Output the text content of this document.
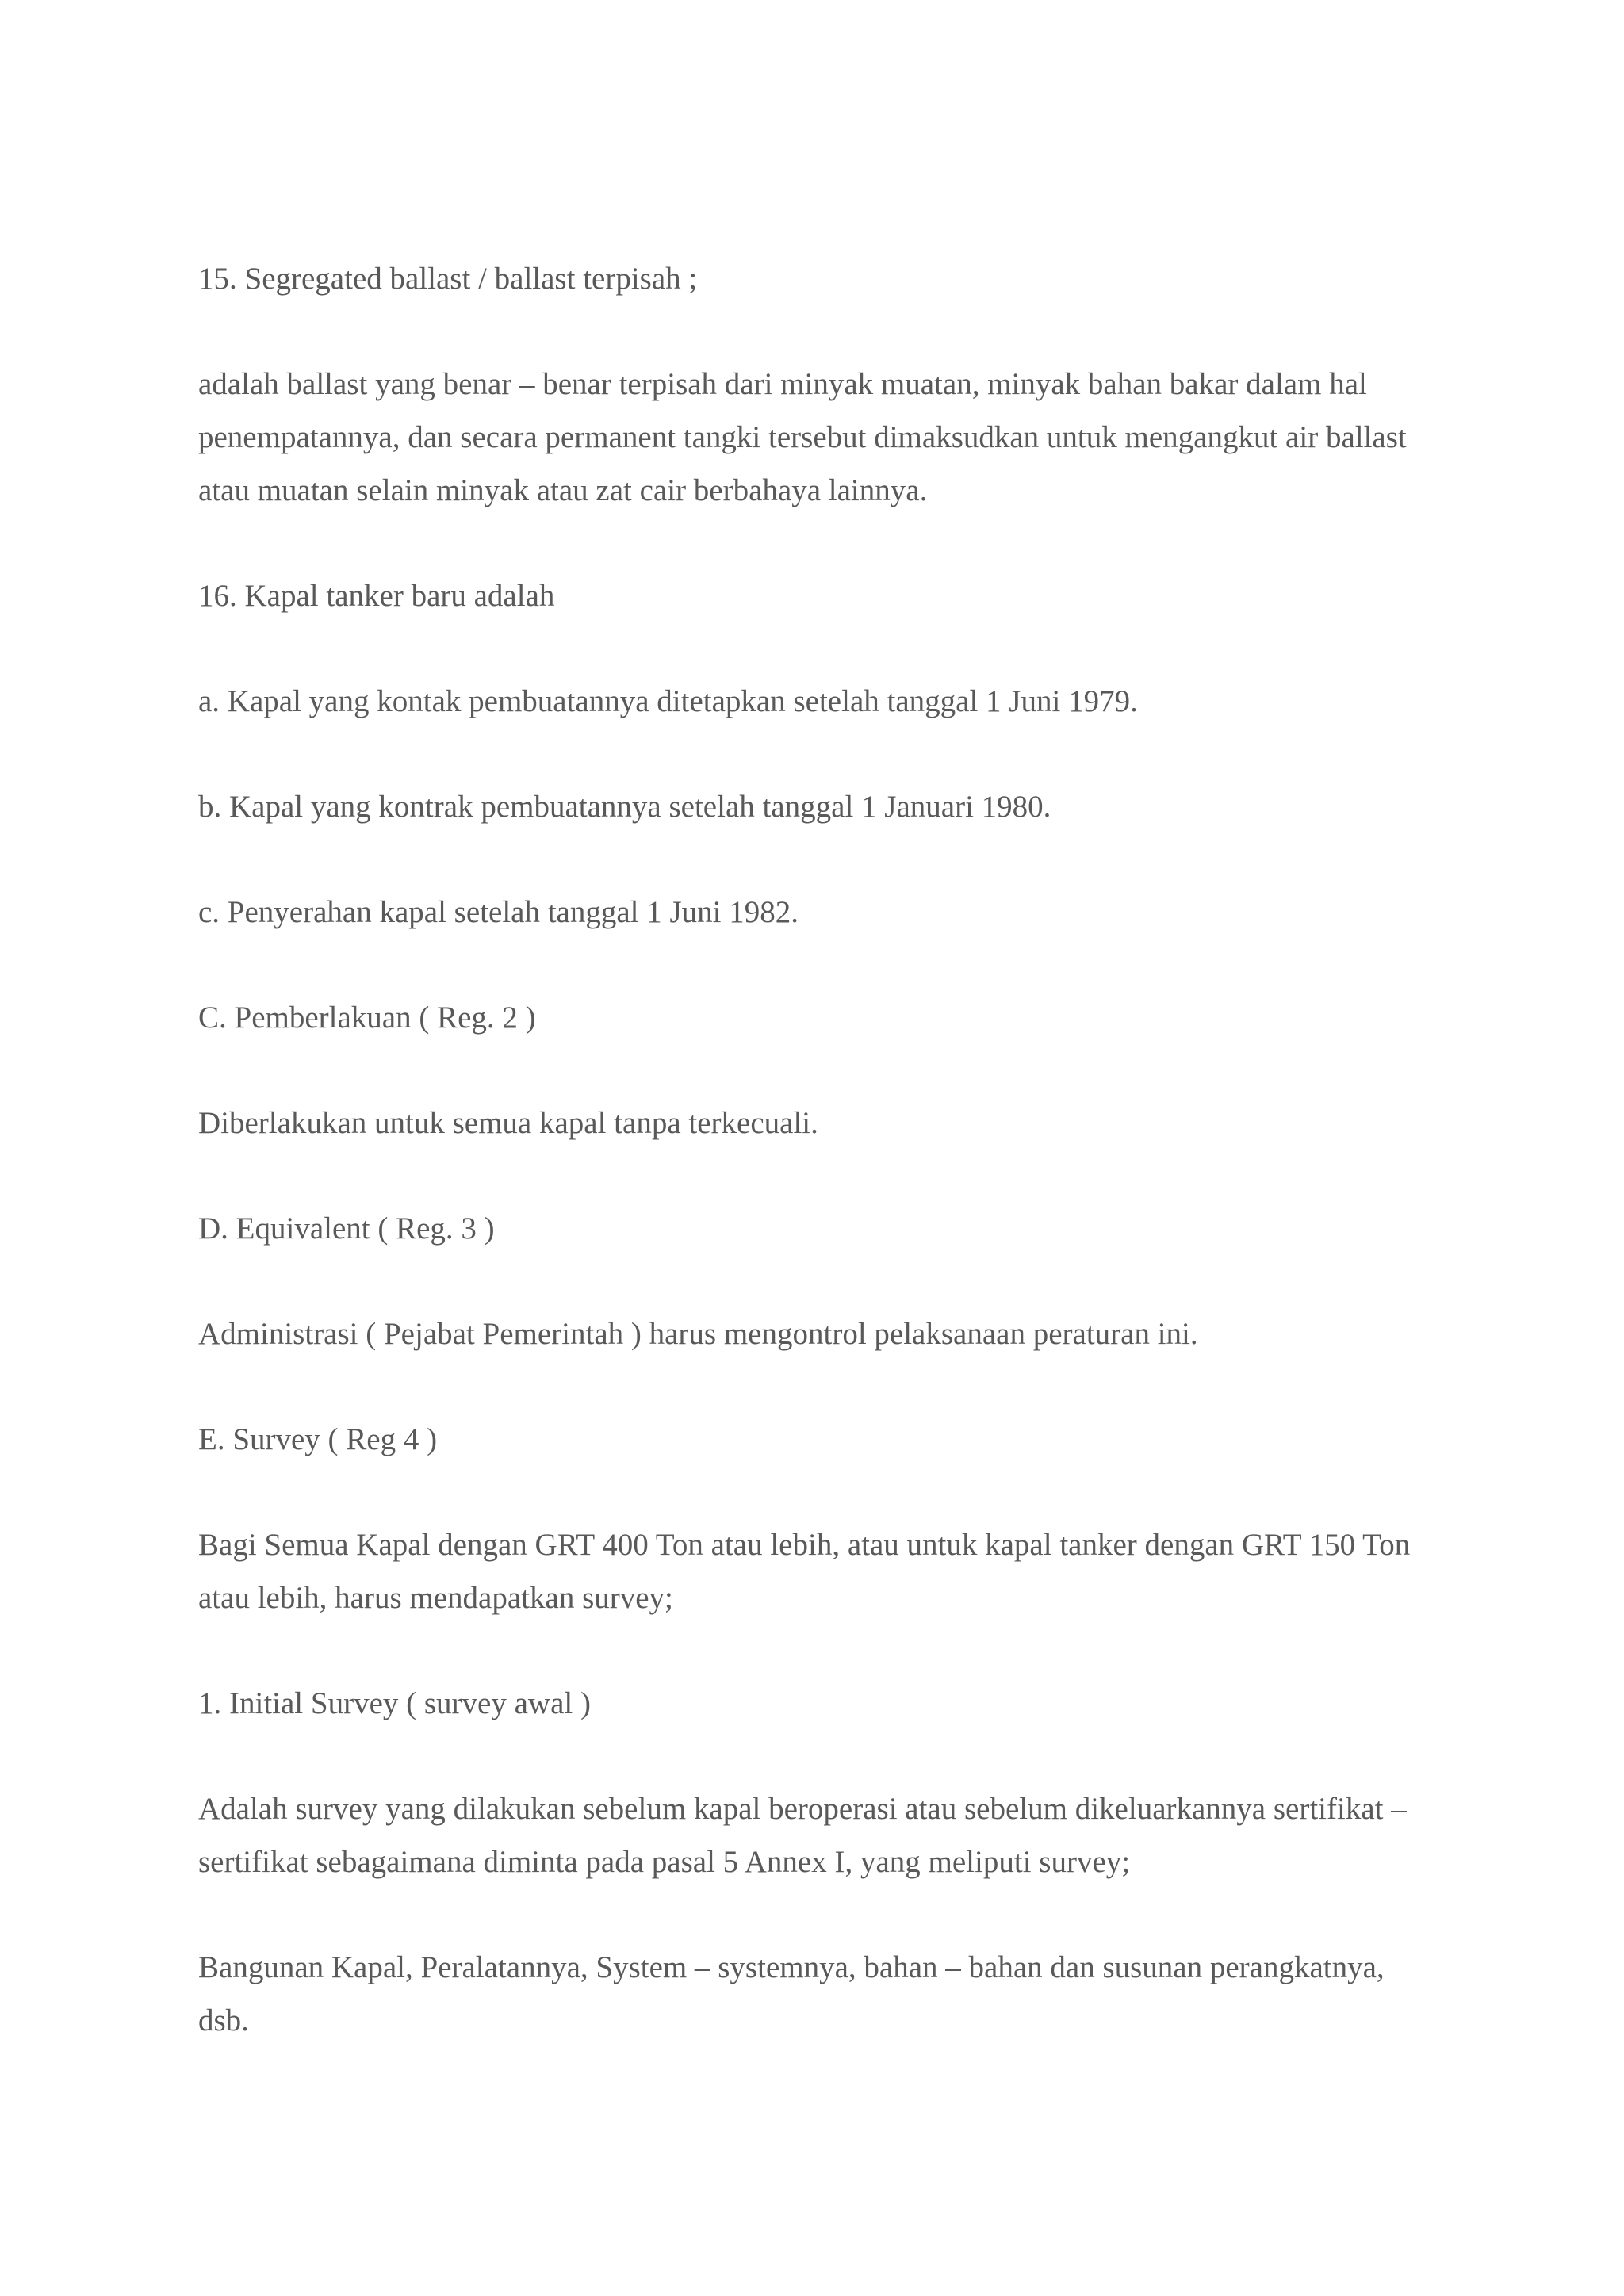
15. Segregated ballast / ballast terpisah ;

adalah ballast yang benar – benar terpisah dari minyak muatan, minyak bahan bakar dalam hal penempatannya, dan secara permanent tangki tersebut dimaksudkan untuk mengangkut air ballast atau muatan selain minyak atau zat cair berbahaya lainnya.

16. Kapal tanker baru adalah

a. Kapal yang kontak pembuatannya ditetapkan setelah tanggal 1 Juni 1979.

b. Kapal yang kontrak pembuatannya setelah tanggal 1 Januari 1980.

c. Penyerahan kapal setelah tanggal 1 Juni 1982.

C. Pemberlakuan ( Reg. 2 )

Diberlakukan untuk semua kapal tanpa terkecuali.

D. Equivalent ( Reg. 3 )

Administrasi ( Pejabat Pemerintah ) harus mengontrol pelaksanaan peraturan ini.

E. Survey ( Reg 4 )

Bagi Semua Kapal dengan GRT 400 Ton atau lebih, atau untuk kapal tanker dengan GRT 150 Ton atau lebih, harus mendapatkan survey;

1. Initial Survey ( survey awal )

Adalah survey yang dilakukan sebelum kapal beroperasi atau sebelum dikeluarkannya sertifikat – sertifikat sebagaimana diminta pada pasal 5 Annex I, yang meliputi survey;

Bangunan Kapal, Peralatannya, System – systemnya, bahan – bahan dan susunan perangkatnya, dsb.
